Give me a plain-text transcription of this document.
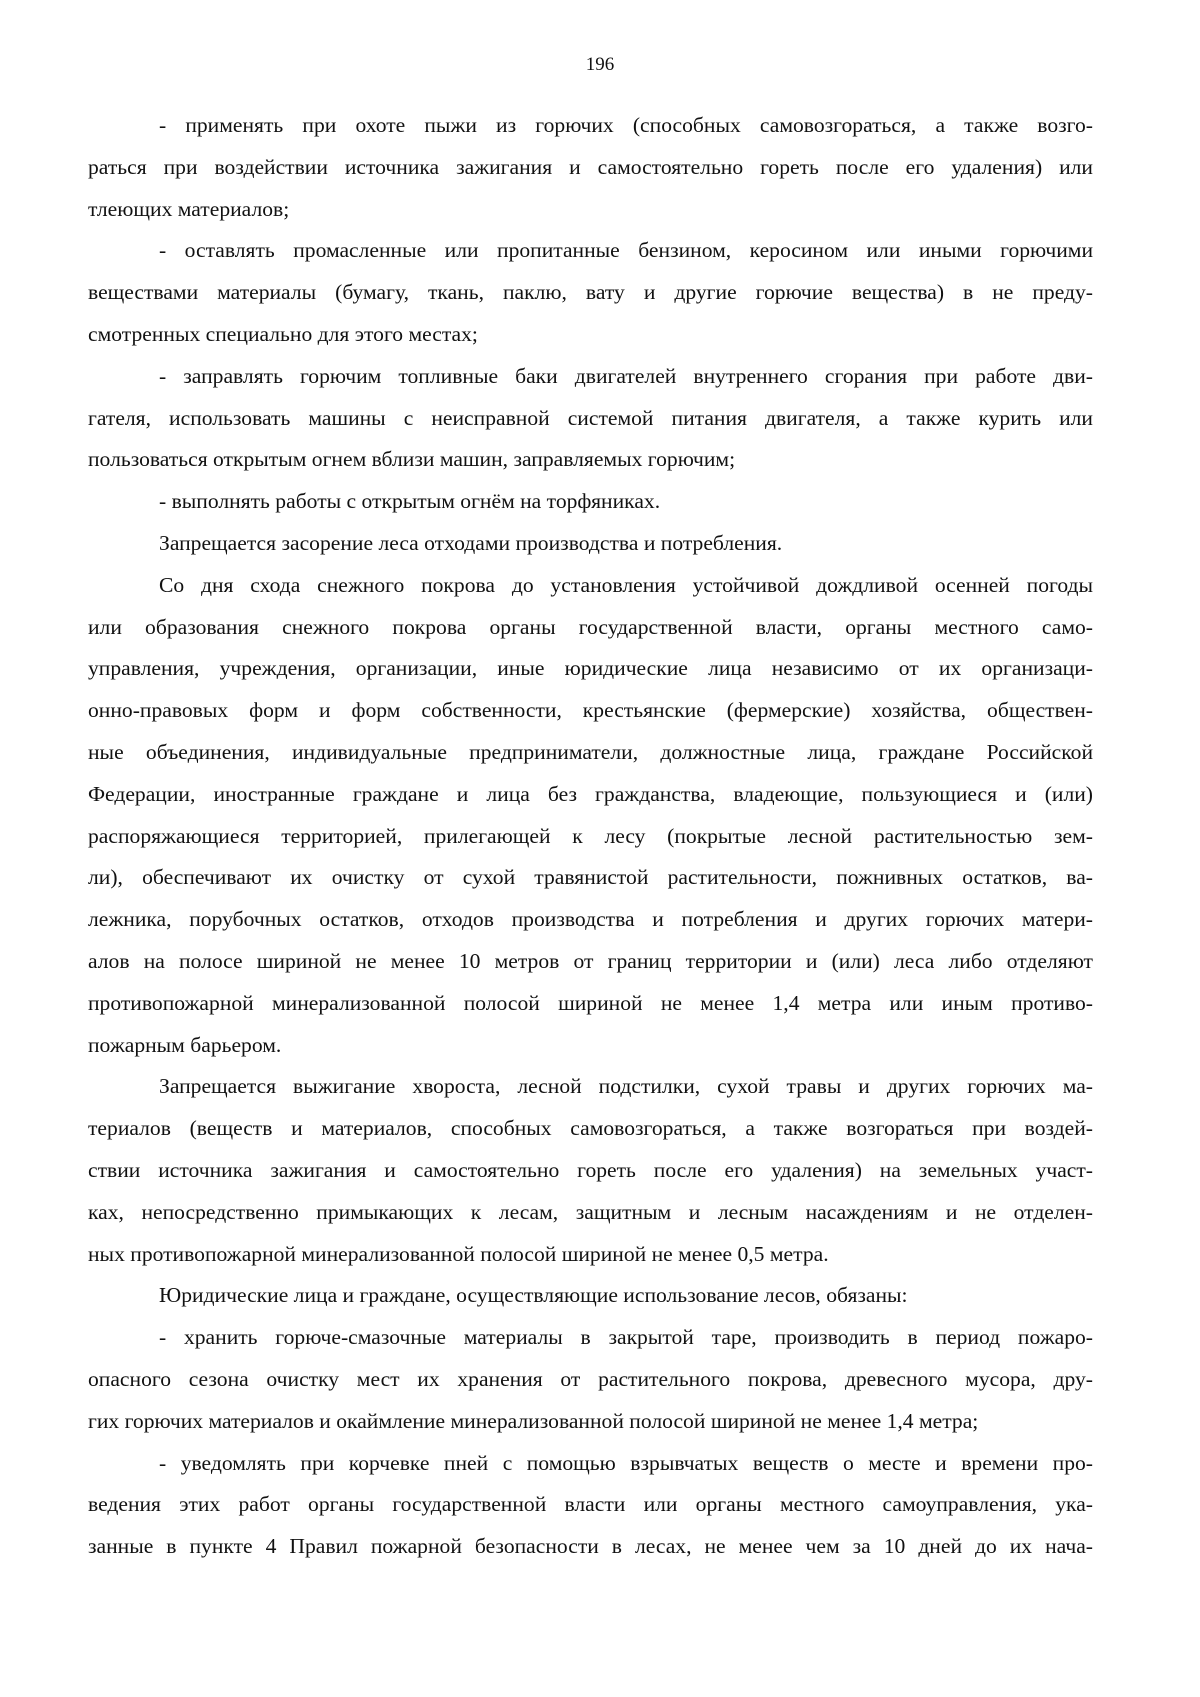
196

- применять при охоте пыжи из горючих (способных самовозгораться, а также возго-
раться при воздействии источника зажигания и самостоятельно гореть после его удаления) или
тлеющих материалов;

- оставлять промасленные или пропитанные бензином, керосином или иными горючими
веществами материалы (бумагу, ткань, паклю, вату и другие горючие вещества) в не преду-
смотренных специально для этого местах;

- заправлять горючим топливные баки двигателей внутреннего сгорания при работе дви-
гателя, использовать машины с неисправной системой питания двигателя, а также курить или
пользоваться открытым огнем вблизи машин, заправляемых горючим;

- выполнять работы с открытым огнём на торфяниках.

Запрещается засорение леса отходами производства и потребления.

Со дня схода снежного покрова до установления устойчивой дождливой осенней погоды
или образования снежного покрова органы государственной власти, органы местного само-
управления, учреждения, организации, иные юридические лица независимо от их организаци-
онно-правовых форм и форм собственности, крестьянские (фермерские) хозяйства, обществен-
ные объединения, индивидуальные предприниматели, должностные лица, граждане Российской
Федерации, иностранные граждане и лица без гражданства, владеющие, пользующиеся и (или)
распоряжающиеся территорией, прилегающей к лесу (покрытые лесной растительностью зем-
ли), обеспечивают их очистку от сухой травянистой растительности, пожнивных остатков, ва-
лежника, порубочных остатков, отходов производства и потребления и других горючих матери-
алов на полосе шириной не менее 10 метров от границ территории и (или) леса либо отделяют
противопожарной минерализованной полосой шириной не менее 1,4 метра или иным противо-
пожарным барьером.

Запрещается выжигание хвороста, лесной подстилки, сухой травы и других горючих ма-
териалов (веществ и материалов, способных самовозгораться, а также возгораться при воздей-
ствии источника зажигания и самостоятельно гореть после его удаления) на земельных участ-
ках, непосредственно примыкающих к лесам, защитным и лесным насаждениям и не отделен-
ных противопожарной минерализованной полосой шириной не менее 0,5 метра.

Юридические лица и граждане, осуществляющие использование лесов, обязаны:

- хранить горюче-смазочные материалы в закрытой таре, производить в период пожаро-
опасного сезона очистку мест их хранения от растительного покрова, древесного мусора, дру-
гих горючих материалов и окаймление минерализованной полосой шириной не менее 1,4 метра;

- уведомлять при корчевке пней с помощью взрывчатых веществ о месте и времени про-
ведения этих работ органы государственной власти или органы местного самоуправления, ука-
занные в пункте 4 Правил пожарной безопасности в лесах, не менее чем за 10 дней до их нача-
